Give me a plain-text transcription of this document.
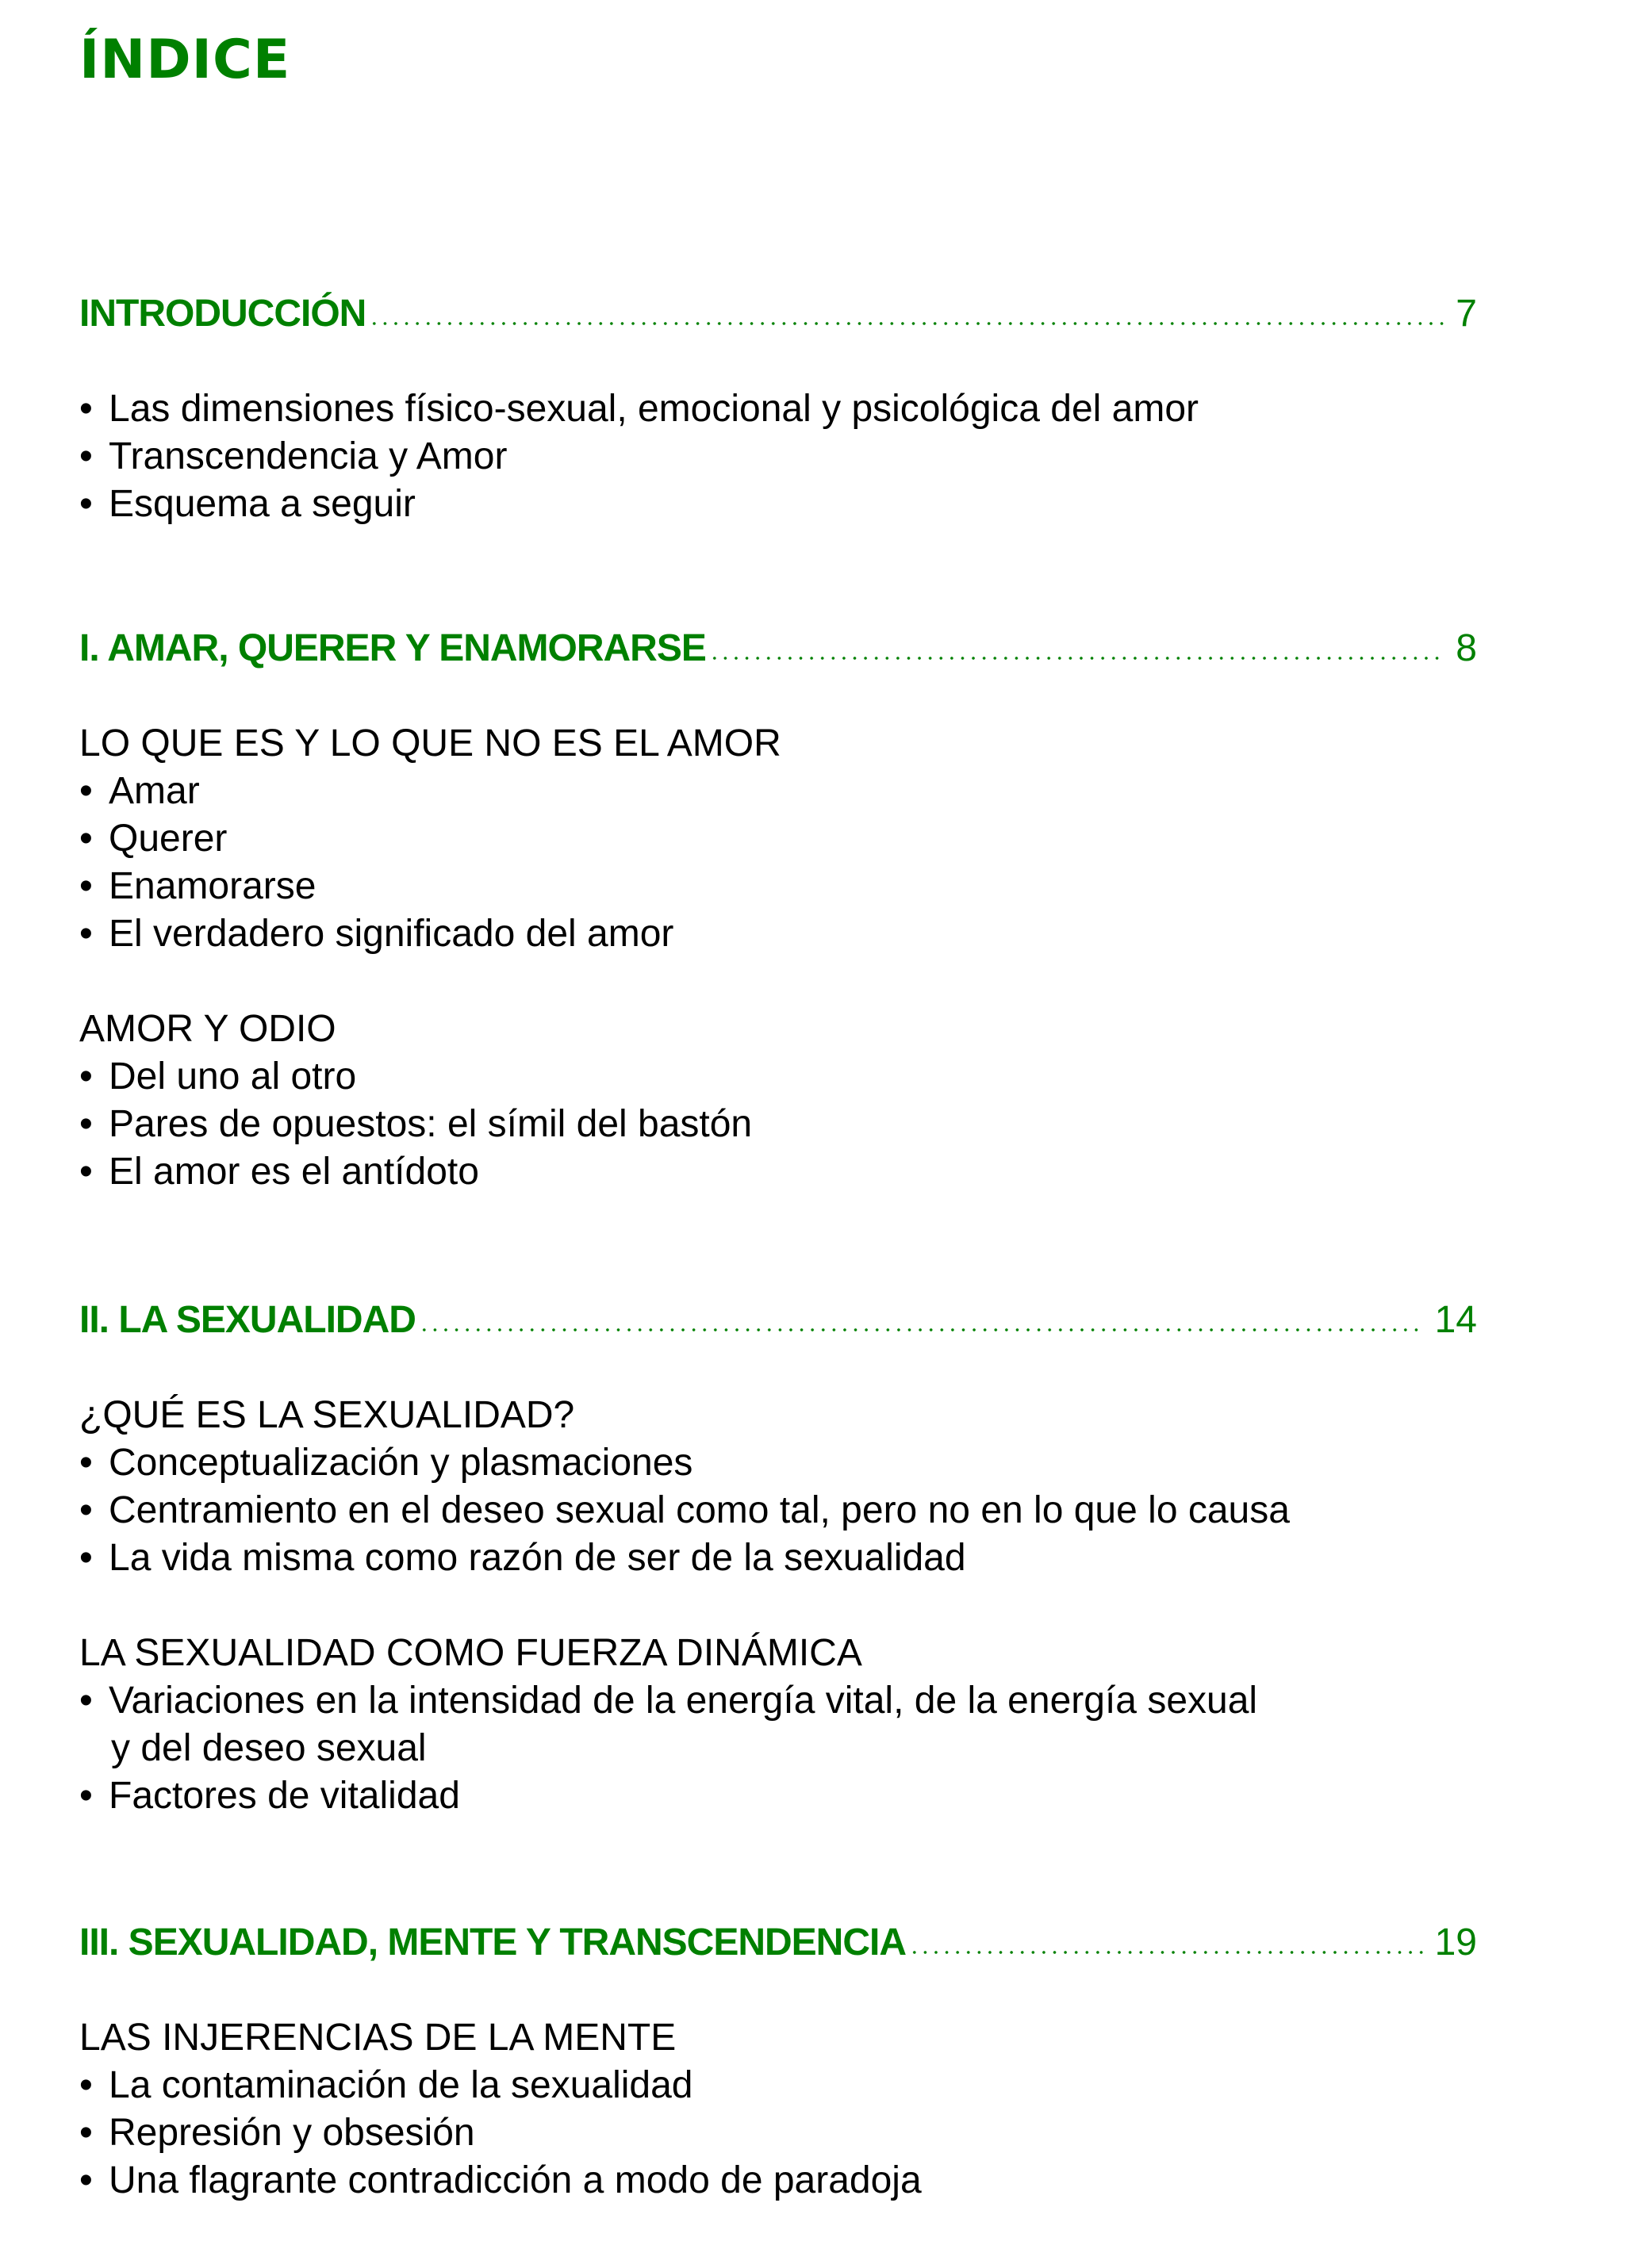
ÍNDICE
INTRODUCCIÓN	7
•
Las dimensiones físico-sexual, emocional y psicológica del amor
•
Transcendencia y Amor
•
Esquema a seguir
I. AMAR, QUERER Y ENAMORARSE	8
LO QUE ES Y LO QUE NO ES EL AMOR
•
Amar
•
Querer
•
Enamorarse
•
El verdadero significado del amor
AMOR Y ODIO
•
Del uno al otro
•
Pares de opuestos: el símil del bastón
•
El amor es el antídoto
II. LA SEXUALIDAD	14
¿QUÉ ES LA SEXUALIDAD?
•
Conceptualización y plasmaciones
•
Centramiento en el deseo sexual como tal, pero no en lo que lo causa
•
La vida misma como razón de ser de la sexualidad
LA SEXUALIDAD COMO FUERZA DINÁMICA
•
Variaciones en la intensidad de la energía vital, de la energía sexual
y del deseo sexual
•
Factores de vitalidad
III. SEXUALIDAD, MENTE Y TRANSCENDENCIA	19
LAS INJERENCIAS DE LA MENTE
•
La contaminación de la sexualidad
•
Represión y obsesión
•
Una flagrante contradicción a modo de paradoja
